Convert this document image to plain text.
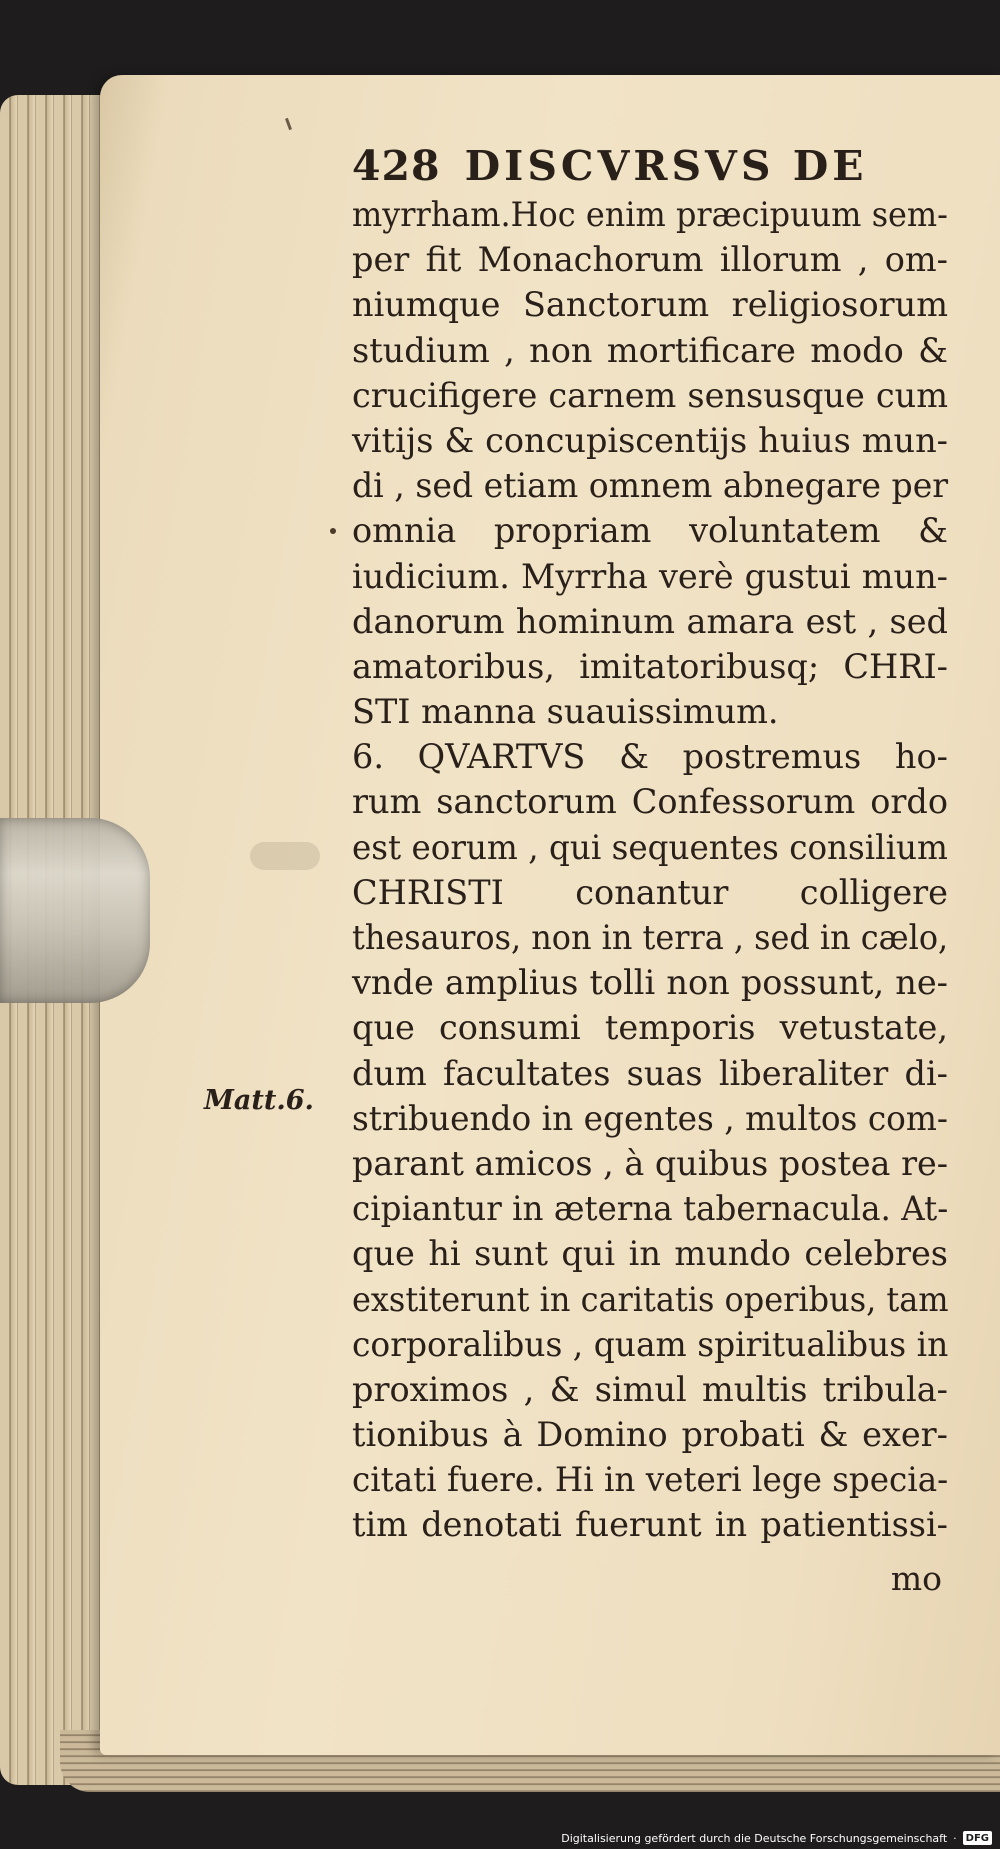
428 DISCVRSVS DE
myrrham.Hoc enim præcipuum sem-
per fit Monachorum illorum , om-
niumque Sanctorum religiosorum
studium , non mortificare modo &
crucifigere carnem sensusque cum
vitijs & concupiscentijs huius mun-
di , sed etiam omnem abnegare per
omnia propriam voluntatem &
iudicium. Myrrha verè gustui mun-
danorum hominum amara est , sed
amatoribus, imitatoribusq; CHRI-
STI manna suauissimum.
6. QVARTVS & postremus ho-
rum sanctorum Confessorum ordo
est eorum , qui sequentes consilium
CHRISTI conantur colligere
thesauros, non in terra , sed in cælo,
vnde amplius tolli non possunt, ne-
que consumi temporis vetustate,
dum facultates suas liberaliter di-
stribuendo in egentes , multos com-
parant amicos , à quibus postea re-
cipiantur in æterna tabernacula. At-
que hi sunt qui in mundo celebres
exstiterunt in caritatis operibus, tam
corporalibus , quam spiritualibus in
proximos , & simul multis tribula-
tionibus à Domino probati & exer-
citati fuere. Hi in veteri lege specia-
tim denotati fuerunt in patientissi-
mo
Matt.6.
Digitalisierung gefördert durch die Deutsche Forschungsgemeinschaft · DFG
